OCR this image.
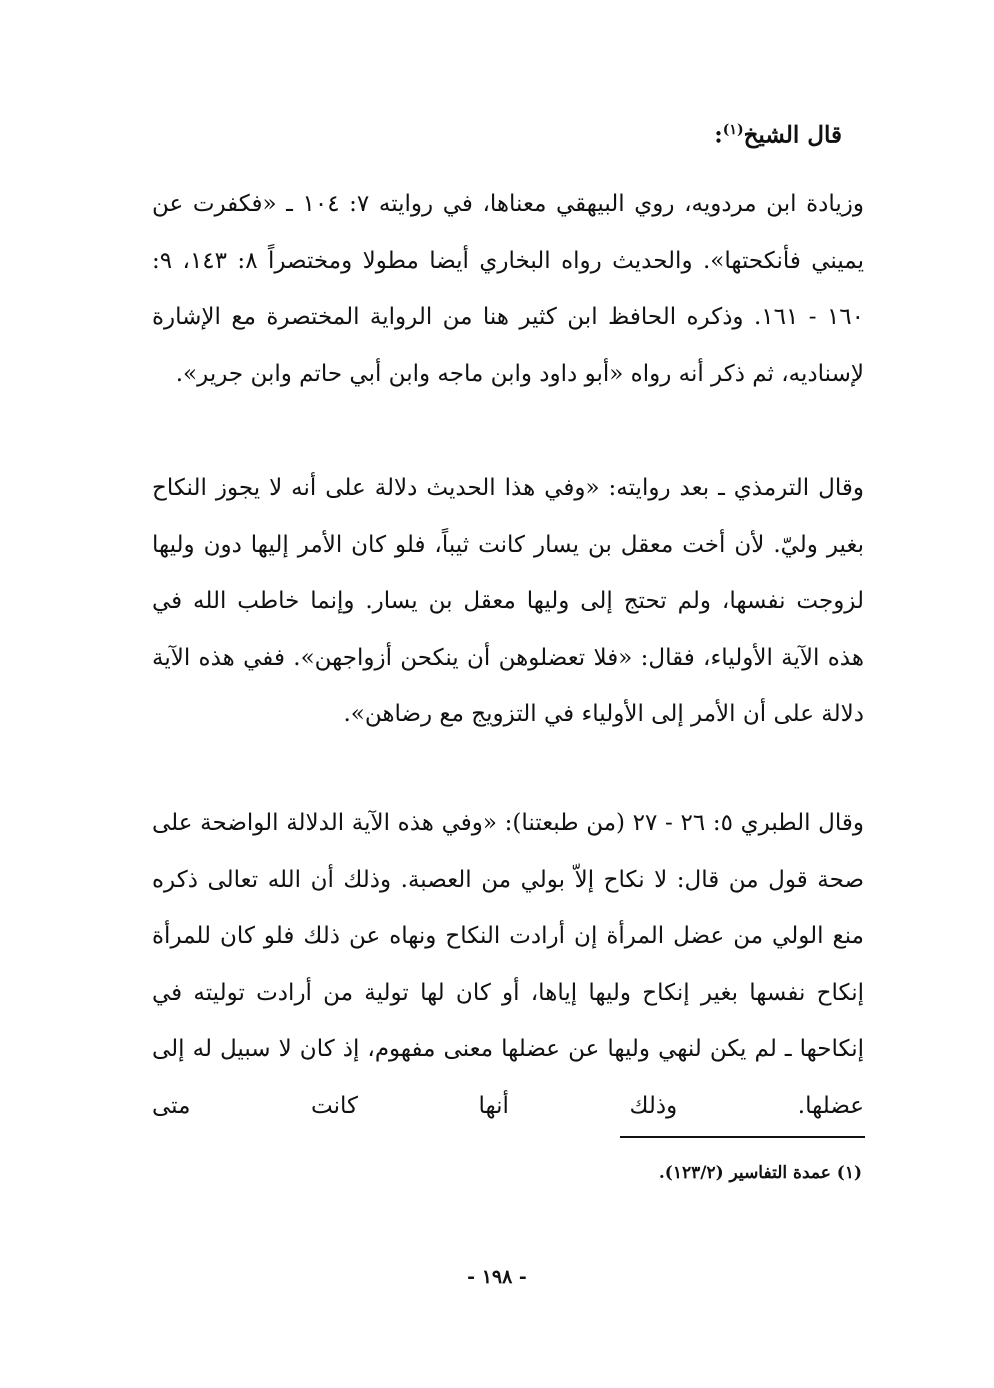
قال الشيخ$^{(١)}$:

وزيادة ابن مردويه، روي البيهقي معناها، في روايته ٧: ١٠٤ ـ «فكفرت عن يميني فأنكحتها». والحديث رواه البخاري أيضا مطولا ومختصراً ٨: ١٤٣، ٩: ١٦٠ - ١٦١. وذكره الحافظ ابن كثير هنا من الرواية المختصرة مع الإشارة لإسناديه، ثم ذكر أنه رواه «أبو داود وابن ماجه وابن أبي حاتم وابن جرير».

وقال الترمذي ـ بعد روايته: «وفي هذا الحديث دلالة على أنه لا يجوز النكاح بغير وليّ. لأن أخت معقل بن يسار كانت ثيباً، فلو كان الأمر إليها دون وليها لزوجت نفسها، ولم تحتج إلى وليها معقل بن يسار. وإنما خاطب الله في هذه الآية الأولياء، فقال: «فلا تعضلوهن أن ينكحن أزواجهن». ففي هذه الآية دلالة على أن الأمر إلى الأولياء في التزويج مع رضاهن».

وقال الطبري ٥: ٢٦ - ٢٧ (من طبعتنا): «وفي هذه الآية الدلالة الواضحة على صحة قول من قال: لا نكاح إلاّ بولي من العصبة. وذلك أن الله تعالى ذكره منع الولي من عضل المرأة إن أرادت النكاح ونهاه عن ذلك فلو كان للمرأة إنكاح نفسها بغير إنكاح وليها إياها، أو كان لها تولية من أرادت توليته في إنكاحها ـ لم يكن لنهي وليها عن عضلها معنى مفهوم، إذ كان لا سبيل له إلى عضلها. وذلك أنها كانت متى

(١) عمدة التفاسير (١٢٣/٢).

- ١٩٨ -
